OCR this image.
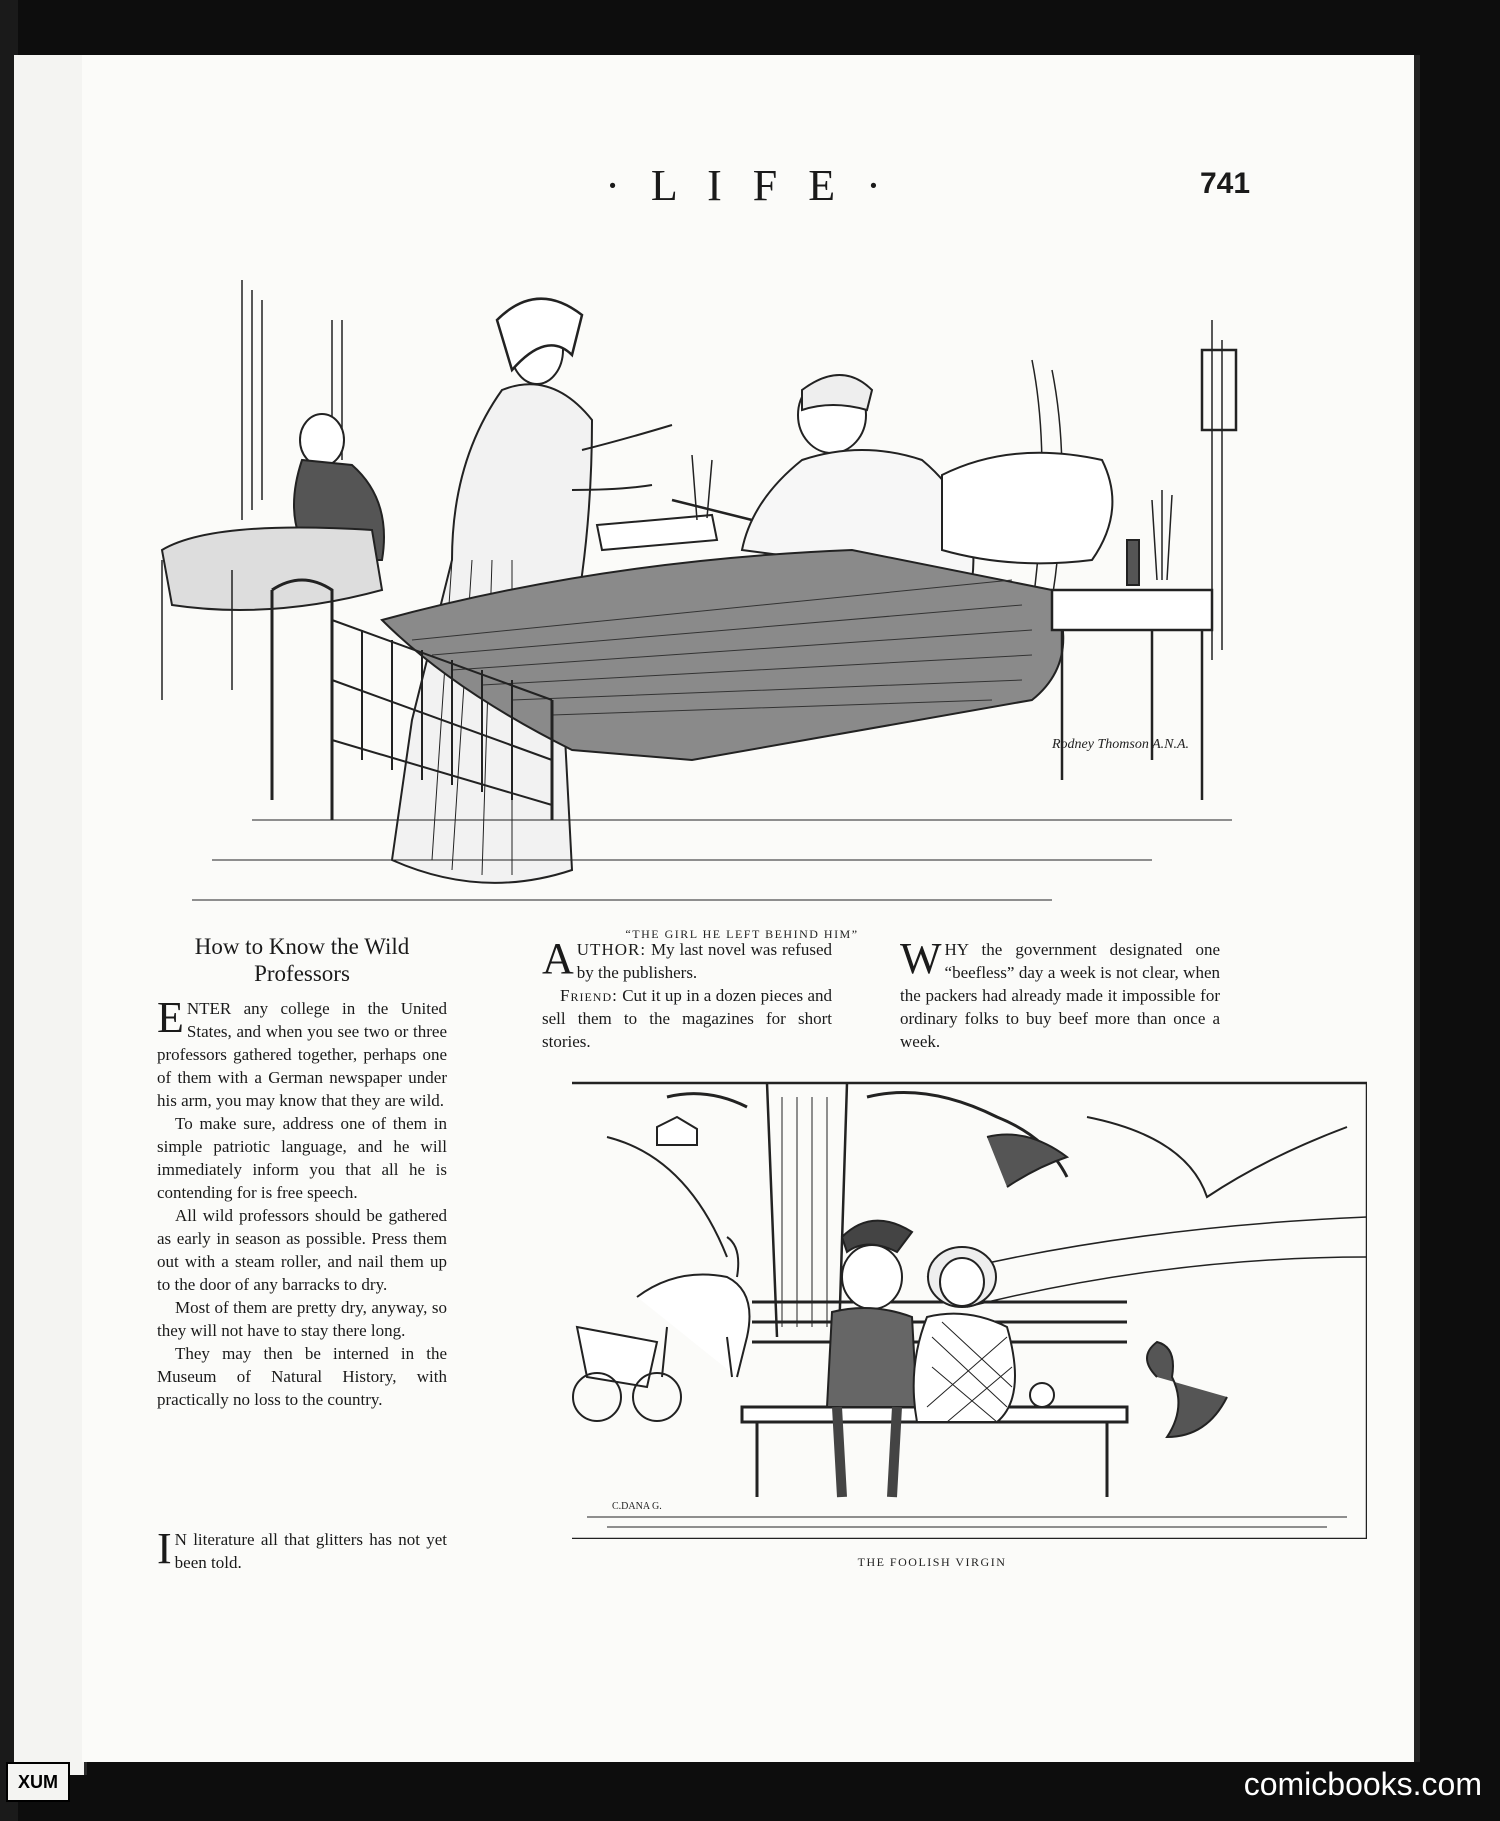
· L I F E ·	741
Rodney Thomson A.N.A.
“THE GIRL HE LEFT BEHIND HIM”
How to Know the Wild Professors

ENTER any college in the United States, and when you see two or three professors gathered together, perhaps one of them with a German newspaper under his arm, you may know that they are wild.

To make sure, address one of them in simple patriotic language, and he will immediately inform you that all he is contending for is free speech.

All wild professors should be gathered as early in season as possible. Press them out with a steam roller, and nail them up to the door of any barracks to dry.

Most of them are pretty dry, anyway, so they will not have to stay there long.

They may then be interned in the Museum of Natural History, with practically no loss to the country.

I N literature all that glitters has not yet been told.

AUTHOR: My last novel was refused by the publishers.

Friend: Cut it up in a dozen pieces and sell them to the magazines for short stories.

WHY the government designated one “beefless” day a week is not clear, when the packers had already made it impossible for ordinary folks to buy beef more than once a week.

C.DANA G.
THE FOOLISH VIRGIN
XUM	comicbooks.com
